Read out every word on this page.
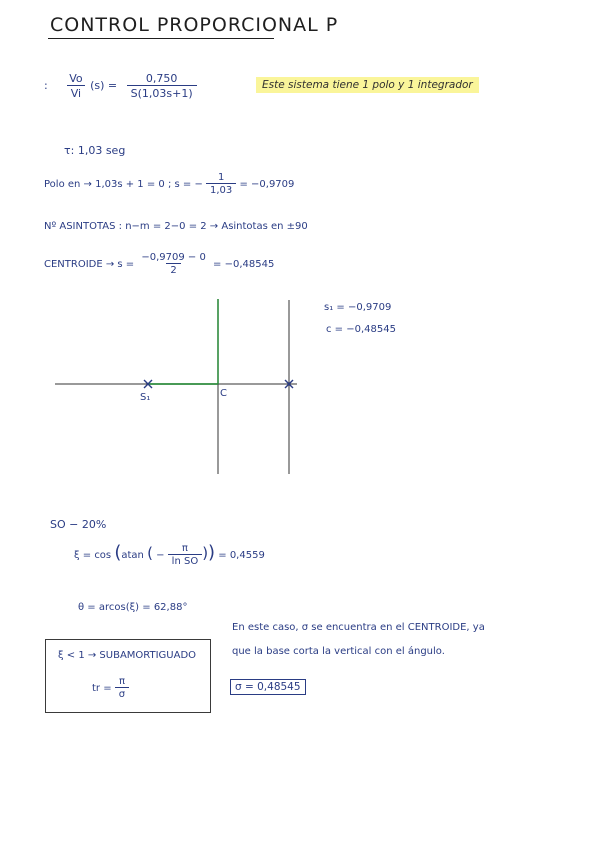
CONTROL PROPORCIONAL P
: $\frac{Vo}{Vi} (s) = \frac{0,750}{S(1,03s+1)}$	Este sistema tiene 1 polo y 1 integrador
τ: 1,03 seg
Polo en → 1,03s + 1 = 0 ; s = − $\frac{1}{1,03} = -0,9709$
Nº ASINTOTAS : n−m = 2−0 = 2 → Asintotas en ±90
CENTROIDE → $s = \frac{-0,9709 - 0}{2} = -0,48545$
S₁	C
s₁ = −0,9709
c = −0,48545
SO − 20%
ξ = cos (atan ( − $\frac{\pi}{\text{ln SO}}$ )) = 0,4559
θ = arcos(ξ) = 62,88°
ξ < 1 → SUBAMORTIGUADO
tr = $\frac{\pi}{\sigma}$
En este caso, σ se encuentra en el CENTROIDE, ya
que la base corta la vertical con el ángulo.
σ = 0,48545
